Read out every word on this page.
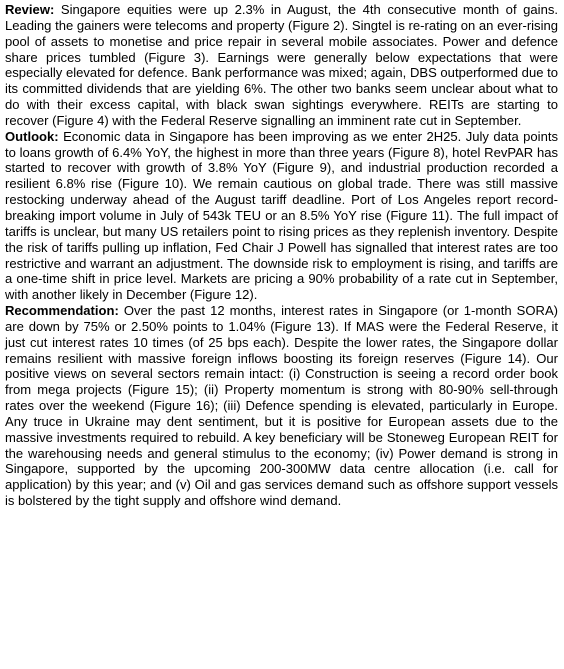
Review: Singapore equities were up 2.3% in August, the 4th consecutive month of gains. Leading the gainers were telecoms and property (Figure 2). Singtel is re-rating on an ever-rising pool of assets to monetise and price repair in several mobile associates. Power and defence share prices tumbled (Figure 3). Earnings were generally below expectations that were especially elevated for defence. Bank performance was mixed; again, DBS outperformed due to its committed dividends that are yielding 6%. The other two banks seem unclear about what to do with their excess capital, with black swan sightings everywhere. REITs are starting to recover (Figure 4) with the Federal Reserve signalling an imminent rate cut in September.

Outlook: Economic data in Singapore has been improving as we enter 2H25. July data points to loans growth of 6.4% YoY, the highest in more than three years (Figure 8), hotel RevPAR has started to recover with growth of 3.8% YoY (Figure 9), and industrial production recorded a resilient 6.8% rise (Figure 10). We remain cautious on global trade. There was still massive restocking underway ahead of the August tariff deadline. Port of Los Angeles report record-breaking import volume in July of 543k TEU or an 8.5% YoY rise (Figure 11). The full impact of tariffs is unclear, but many US retailers point to rising prices as they replenish inventory. Despite the risk of tariffs pulling up inflation, Fed Chair J Powell has signalled that interest rates are too restrictive and warrant an adjustment. The downside risk to employment is rising, and tariffs are a one-time shift in price level. Markets are pricing a 90% probability of a rate cut in September, with another likely in December (Figure 12).

Recommendation: Over the past 12 months, interest rates in Singapore (or 1-month SORA) are down by 75% or 2.50% points to 1.04% (Figure 13). If MAS were the Federal Reserve, it just cut interest rates 10 times (of 25 bps each). Despite the lower rates, the Singapore dollar remains resilient with massive foreign inflows boosting its foreign reserves (Figure 14). Our positive views on several sectors remain intact: (i) Construction is seeing a record order book from mega projects (Figure 15); (ii) Property momentum is strong with 80-90% sell-through rates over the weekend (Figure 16); (iii) Defence spending is elevated, particularly in Europe. Any truce in Ukraine may dent sentiment, but it is positive for European assets due to the massive investments required to rebuild. A key beneficiary will be Stoneweg European REIT for the warehousing needs and general stimulus to the economy; (iv) Power demand is strong in Singapore, supported by the upcoming 200-300MW data centre allocation (i.e. call for application) by this year; and (v) Oil and gas services demand such as offshore support vessels is bolstered by the tight supply and offshore wind demand.
